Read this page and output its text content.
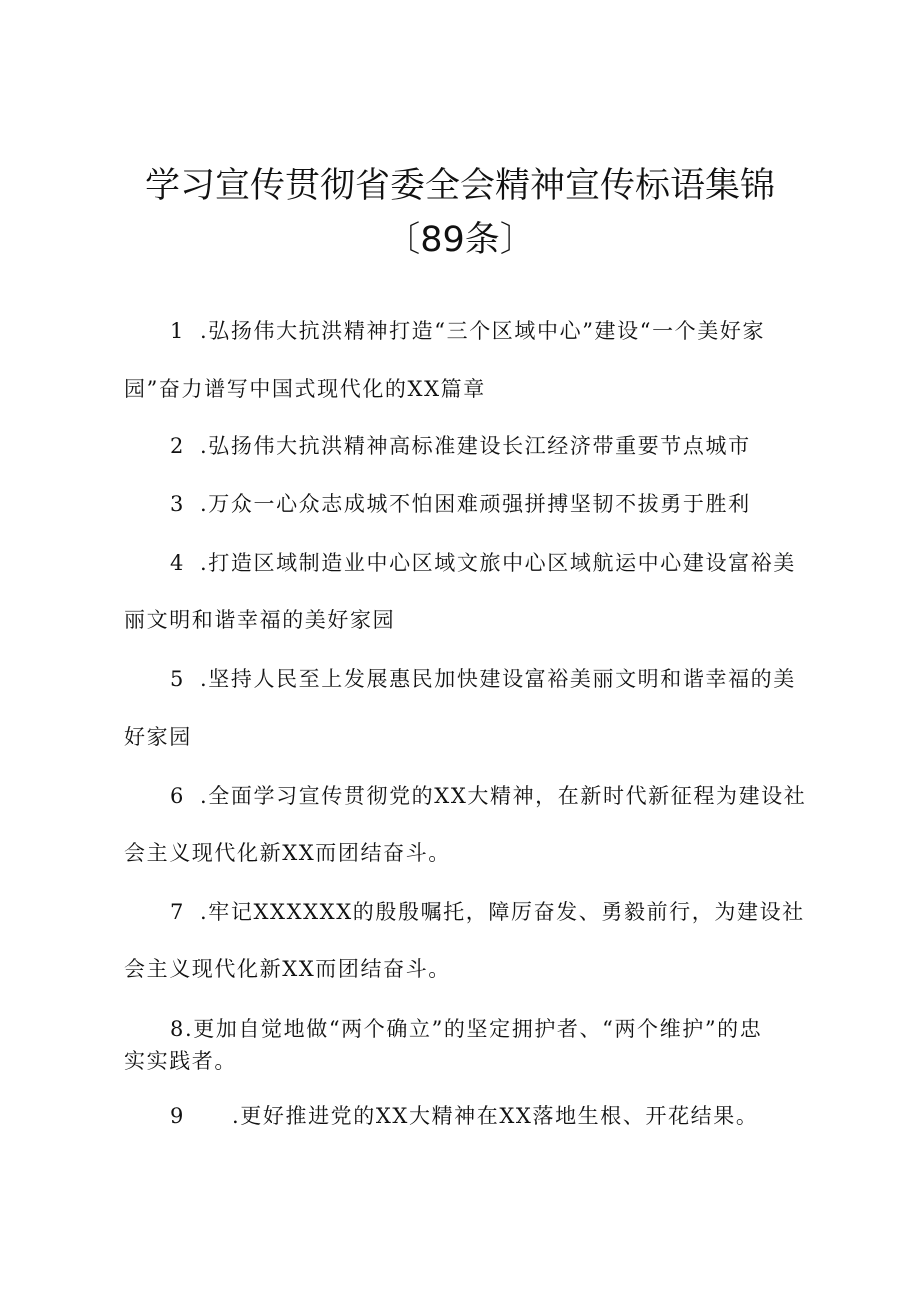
学习宣传贯彻省委全会精神宣传标语集锦
〔89条〕
1 .弘扬伟大抗洪精神打造“三个区域中心”建设“一个美好家
园”奋力谱写中国式现代化的XX篇章
2 .弘扬伟大抗洪精神高标准建设长江经济带重要节点城市
3 .万众一心众志成城不怕困难顽强拼搏坚韧不拔勇于胜利
4 .打造区域制造业中心区域文旅中心区域航运中心建设富裕美
丽文明和谐幸福的美好家园
5 .坚持人民至上发展惠民加快建设富裕美丽文明和谐幸福的美
好家园
6 .全面学习宣传贯彻党的XX大精神，在新时代新征程为建设社
会主义现代化新XX而团结奋斗。
7 .牢记XXXXXX的殷殷嘱托，障厉奋发、勇毅前行，为建设社
会主义现代化新XX而团结奋斗。
8.更加自觉地做“两个确立”的坚定拥护者、“两个维护”的忠
实实践者。
9 .更好推进党的XX大精神在XX落地生根、开花结果。
